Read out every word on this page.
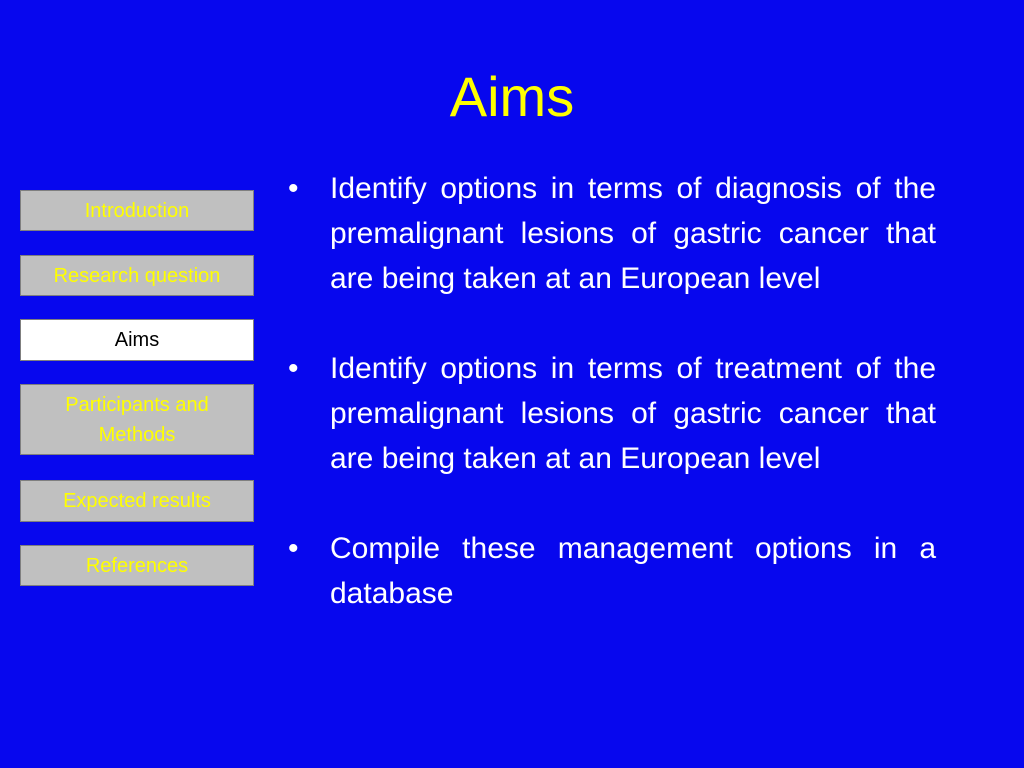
Aims
Introduction
Research question
Aims
Participants and Methods
Expected results
References
• Identify options in terms of diagnosis of the premalignant lesions of gastric cancer that are being taken at an European level
• Identify options in terms of treatment of the premalignant lesions of gastric cancer that are being taken at an European level
• Compile these management options in a database
